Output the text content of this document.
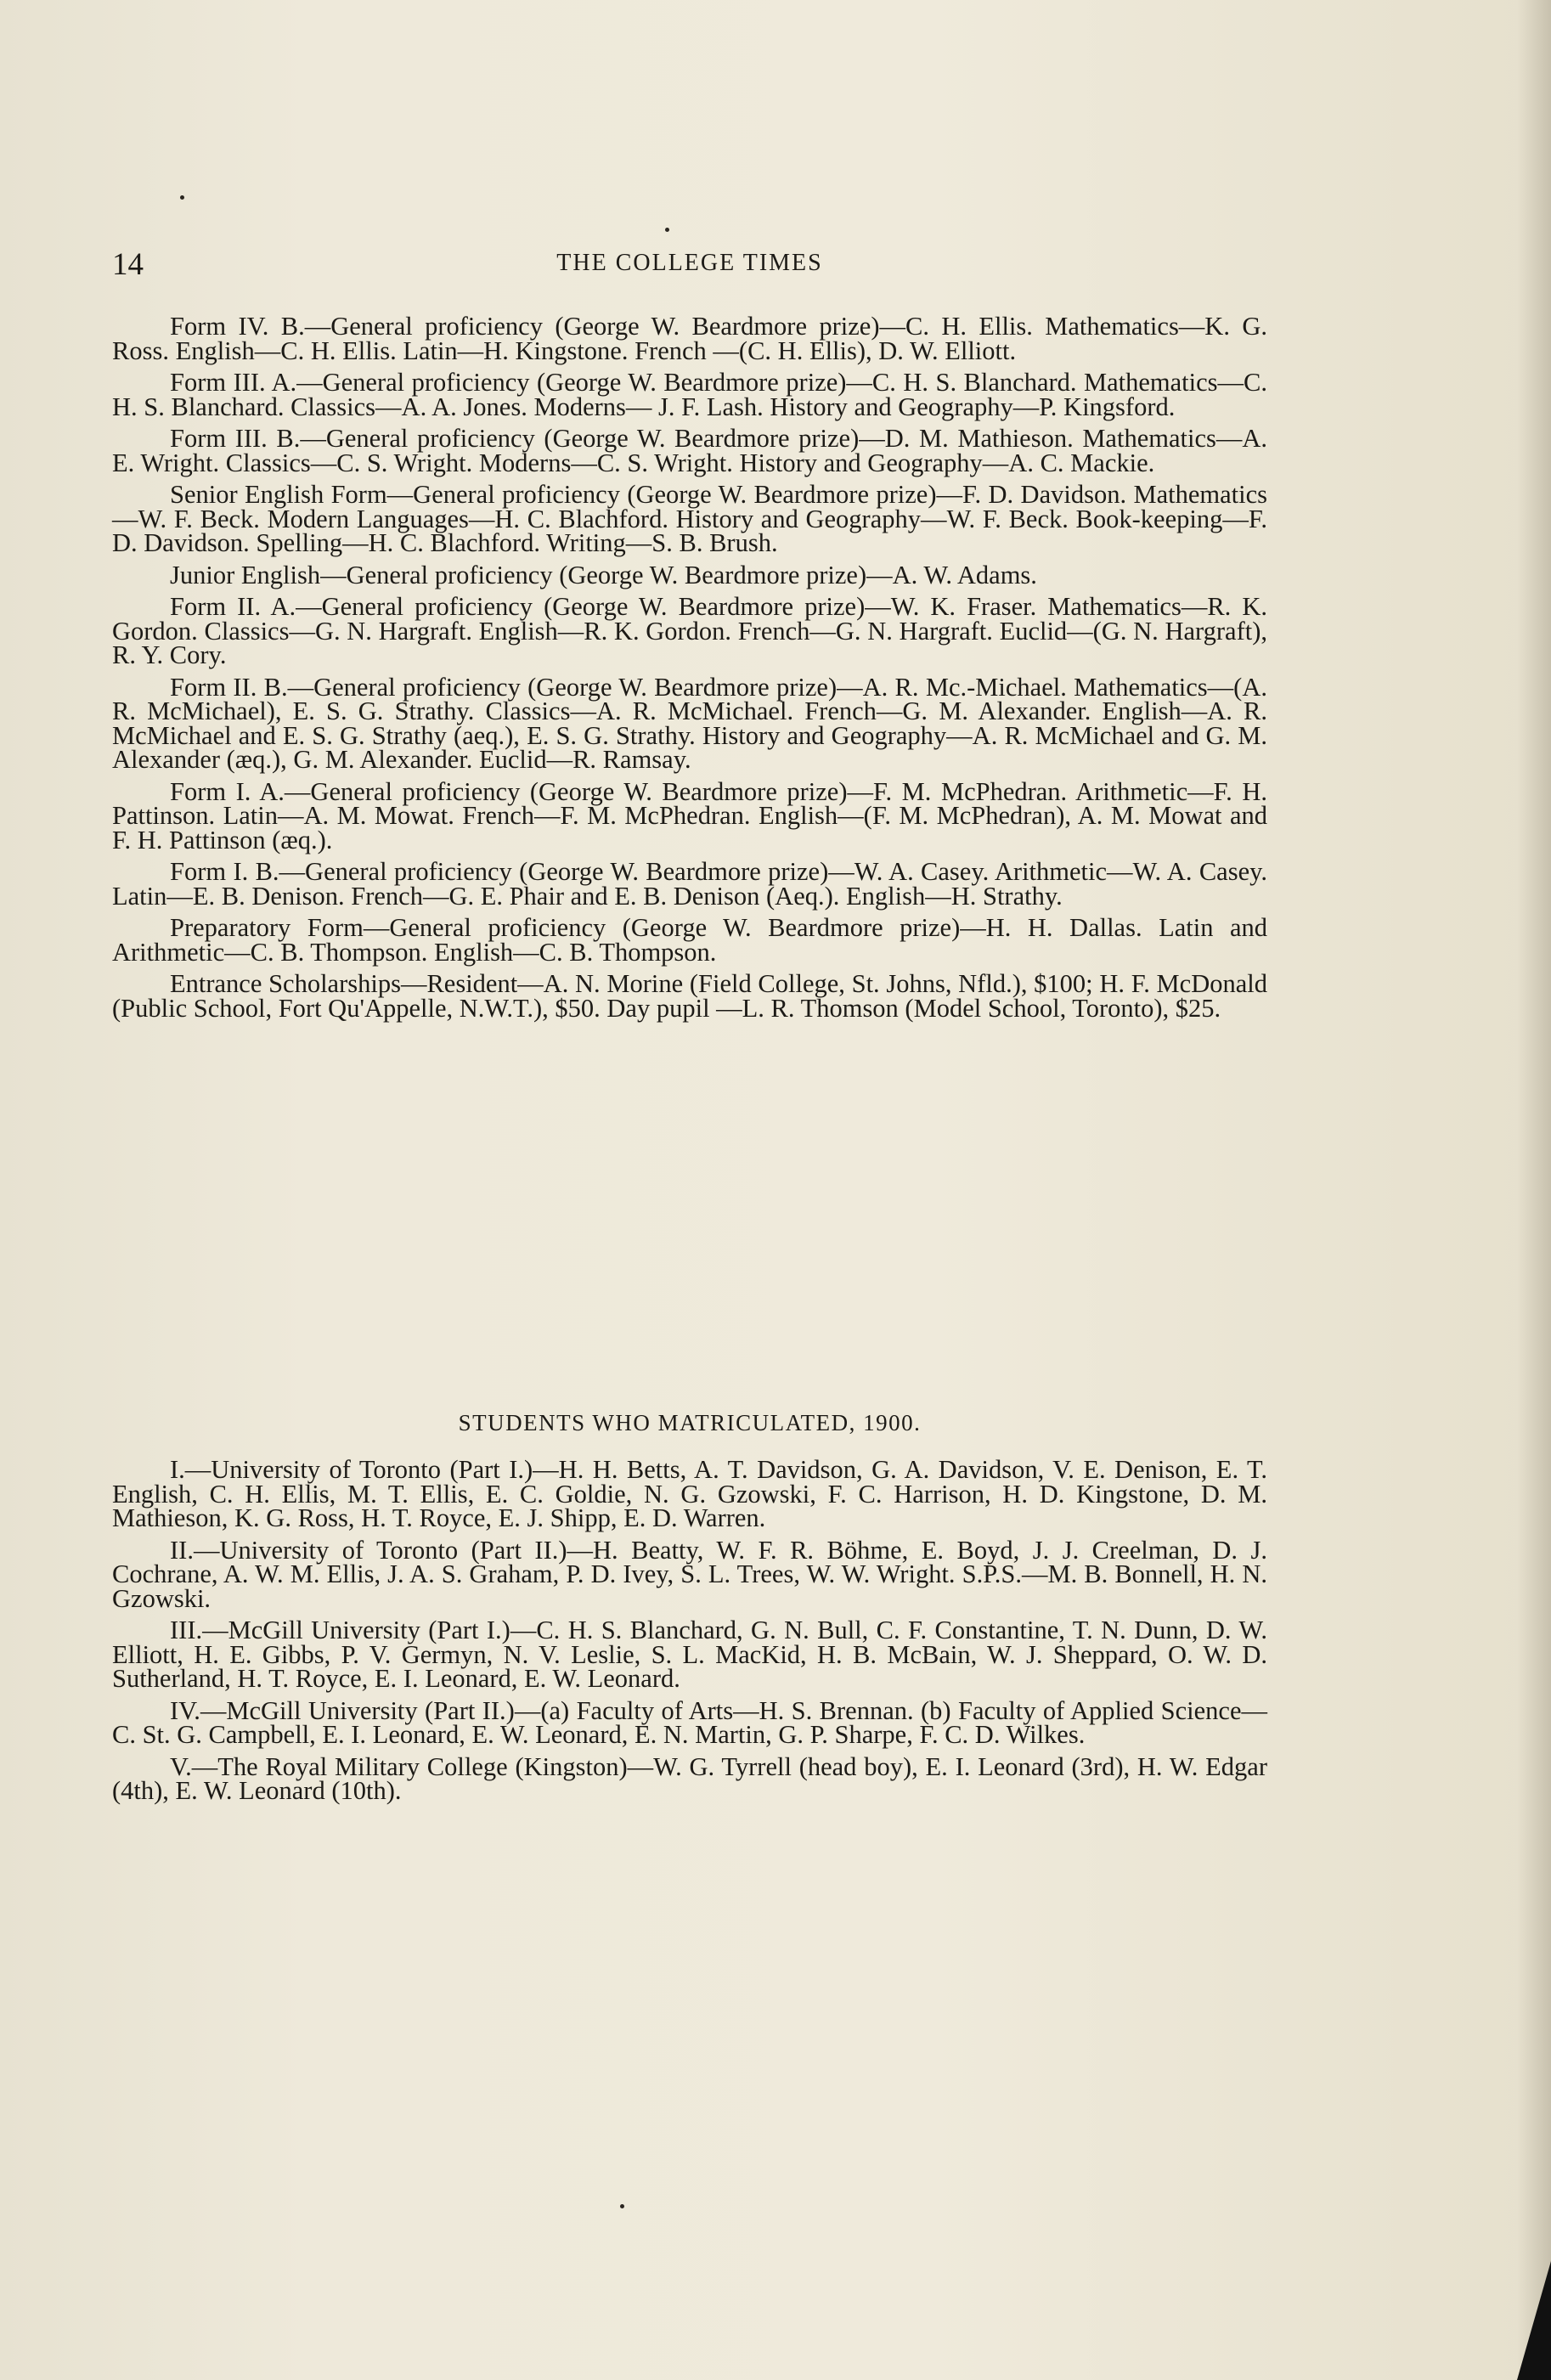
14	THE COLLEGE TIMES

Form IV. B.—General proficiency (George W. Beardmore prize)—C. H. Ellis. Mathematics—K. G. Ross. English—C. H. Ellis. Latin—H. Kingstone. French —(C. H. Ellis), D. W. Elliott.

Form III. A.—General proficiency (George W. Beardmore prize)—C. H. S. Blanchard. Mathematics—C. H. S. Blanchard. Classics—A. A. Jones. Moderns— J. F. Lash. History and Geography—P. Kingsford.

Form III. B.—General proficiency (George W. Beardmore prize)—D. M. Mathieson. Mathematics—A. E. Wright. Classics—C. S. Wright. Moderns—C. S. Wright. History and Geography—A. C. Mackie.

Senior English Form—General proficiency (George W. Beardmore prize)—F. D. Davidson. Mathematics—W. F. Beck. Modern Languages—H. C. Blachford. History and Geography—W. F. Beck. Book-keeping—F. D. Davidson. Spelling—H. C. Blachford. Writing—S. B. Brush.

Junior English—General proficiency (George W. Beardmore prize)—A. W. Adams.

Form II. A.—General proficiency (George W. Beardmore prize)—W. K. Fraser. Mathematics—R. K. Gordon. Classics—G. N. Hargraft. English—R. K. Gordon. French—G. N. Hargraft. Euclid—(G. N. Hargraft), R. Y. Cory.

Form II. B.—General proficiency (George W. Beardmore prize)—A. R. Mc.-Michael. Mathematics—(A. R. McMichael), E. S. G. Strathy. Classics—A. R. McMichael. French—G. M. Alexander. English—A. R. McMichael and E. S. G. Strathy (aeq.), E. S. G. Strathy. History and Geography—A. R. McMichael and G. M. Alexander (æq.), G. M. Alexander. Euclid—R. Ramsay.

Form I. A.—General proficiency (George W. Beardmore prize)—F. M. McPhedran. Arithmetic—F. H. Pattinson. Latin—A. M. Mowat. French—F. M. McPhedran. English—(F. M. McPhedran), A. M. Mowat and F. H. Pattinson (æq.).

Form I. B.—General proficiency (George W. Beardmore prize)—W. A. Casey. Arithmetic—W. A. Casey. Latin—E. B. Denison. French—G. E. Phair and E. B. Denison (Aeq.). English—H. Strathy.

Preparatory Form—General proficiency (George W. Beardmore prize)—H. H. Dallas. Latin and Arithmetic—C. B. Thompson. English—C. B. Thompson.

Entrance Scholarships—Resident—A. N. Morine (Field College, St. Johns, Nfld.), $100; H. F. McDonald (Public School, Fort Qu'Appelle, N.W.T.), $50. Day pupil —L. R. Thomson (Model School, Toronto), $25.

STUDENTS WHO MATRICULATED, 1900.

I.—University of Toronto (Part I.)—H. H. Betts, A. T. Davidson, G. A. Davidson, V. E. Denison, E. T. English, C. H. Ellis, M. T. Ellis, E. C. Goldie, N. G. Gzowski, F. C. Harrison, H. D. Kingstone, D. M. Mathieson, K. G. Ross, H. T. Royce, E. J. Shipp, E. D. Warren.

II.—University of Toronto (Part II.)—H. Beatty, W. F. R. Böhme, E. Boyd, J. J. Creelman, D. J. Cochrane, A. W. M. Ellis, J. A. S. Graham, P. D. Ivey, S. L. Trees, W. W. Wright. S.P.S.—M. B. Bonnell, H. N. Gzowski.

III.—McGill University (Part I.)—C. H. S. Blanchard, G. N. Bull, C. F. Constantine, T. N. Dunn, D. W. Elliott, H. E. Gibbs, P. V. Germyn, N. V. Leslie, S. L. MacKid, H. B. McBain, W. J. Sheppard, O. W. D. Sutherland, H. T. Royce, E. I. Leonard, E. W. Leonard.

IV.—McGill University (Part II.)—(a) Faculty of Arts—H. S. Brennan. (b) Faculty of Applied Science—C. St. G. Campbell, E. I. Leonard, E. W. Leonard, E. N. Martin, G. P. Sharpe, F. C. D. Wilkes.

V.—The Royal Military College (Kingston)—W. G. Tyrrell (head boy), E. I. Leonard (3rd), H. W. Edgar (4th), E. W. Leonard (10th).
